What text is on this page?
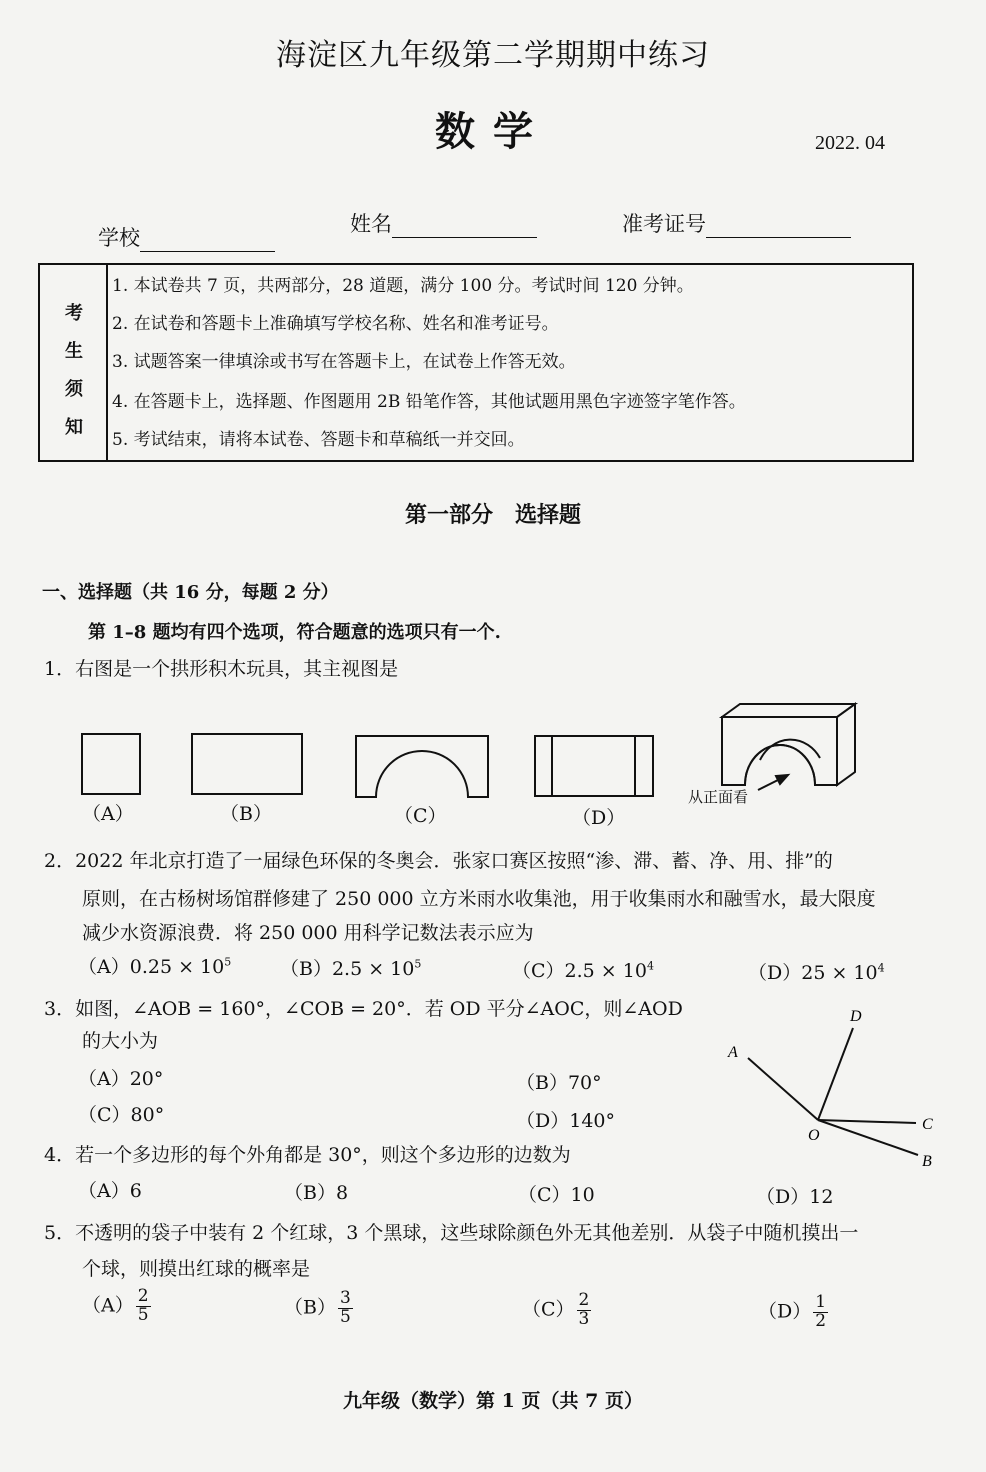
海淀区九年级第二学期期中练习
数学	2022. 04
学校
姓名	准考证号
考
生
须
知
1. 本试卷共 7 页，共两部分，28 道题，满分 100 分。考试时间 120 分钟。
2. 在试卷和答题卡上准确填写学校名称、姓名和准考证号。
3. 试题答案一律填涂或书写在答题卡上，在试卷上作答无效。
4. 在答题卡上，选择题、作图题用 2B 铅笔作答，其他试题用黑色字迹签字笔作答。
5. 考试结束，请将本试卷、答题卡和草稿纸一并交回。
第一部分　选择题
一、选择题（共 16 分，每题 2 分）
第 1–8 题均有四个选项，符合题意的选项只有一个.
1．右图是一个拱形积木玩具，其主视图是
（A）	（B）	（C）	（D）
从正面看
2．2022 年北京打造了一届绿色环保的冬奥会．张家口赛区按照“渗、滞、蓄、净、用、排”的
原则，在古杨树场馆群修建了 250 000 立方米雨水收集池，用于收集雨水和融雪水，最大限度
减少水资源浪费．将 250 000 用科学记数法表示应为
$(A)0.25 \times 10^5$	$(B)2.5 \times 10^5$	$(C)2.5 \times 10^4$	$(D)25 \times 10^4$
3．如图，∠AOB = 160°，∠COB = 20°．若 OD 平分∠AOC，则∠AOD
的大小为
（A）20°	（B）70°
（C）80°	（D）140°
A
D
O
C
B
4．若一个多边形的每个外角都是 30°，则这个多边形的边数为
（A）6	（B）8	（C）10	（D）12
5．不透明的袋子中装有 2 个红球，3 个黑球，这些球除颜色外无其他差别．从袋子中随机摸出一
个球，则摸出红球的概率是
$(A) \frac{2}{5}$	$(B) \frac{3}{5}$	$(C) \frac{2}{3}$	$(D) \frac{1}{2}$
九年级（数学）第 1 页（共 7 页）
